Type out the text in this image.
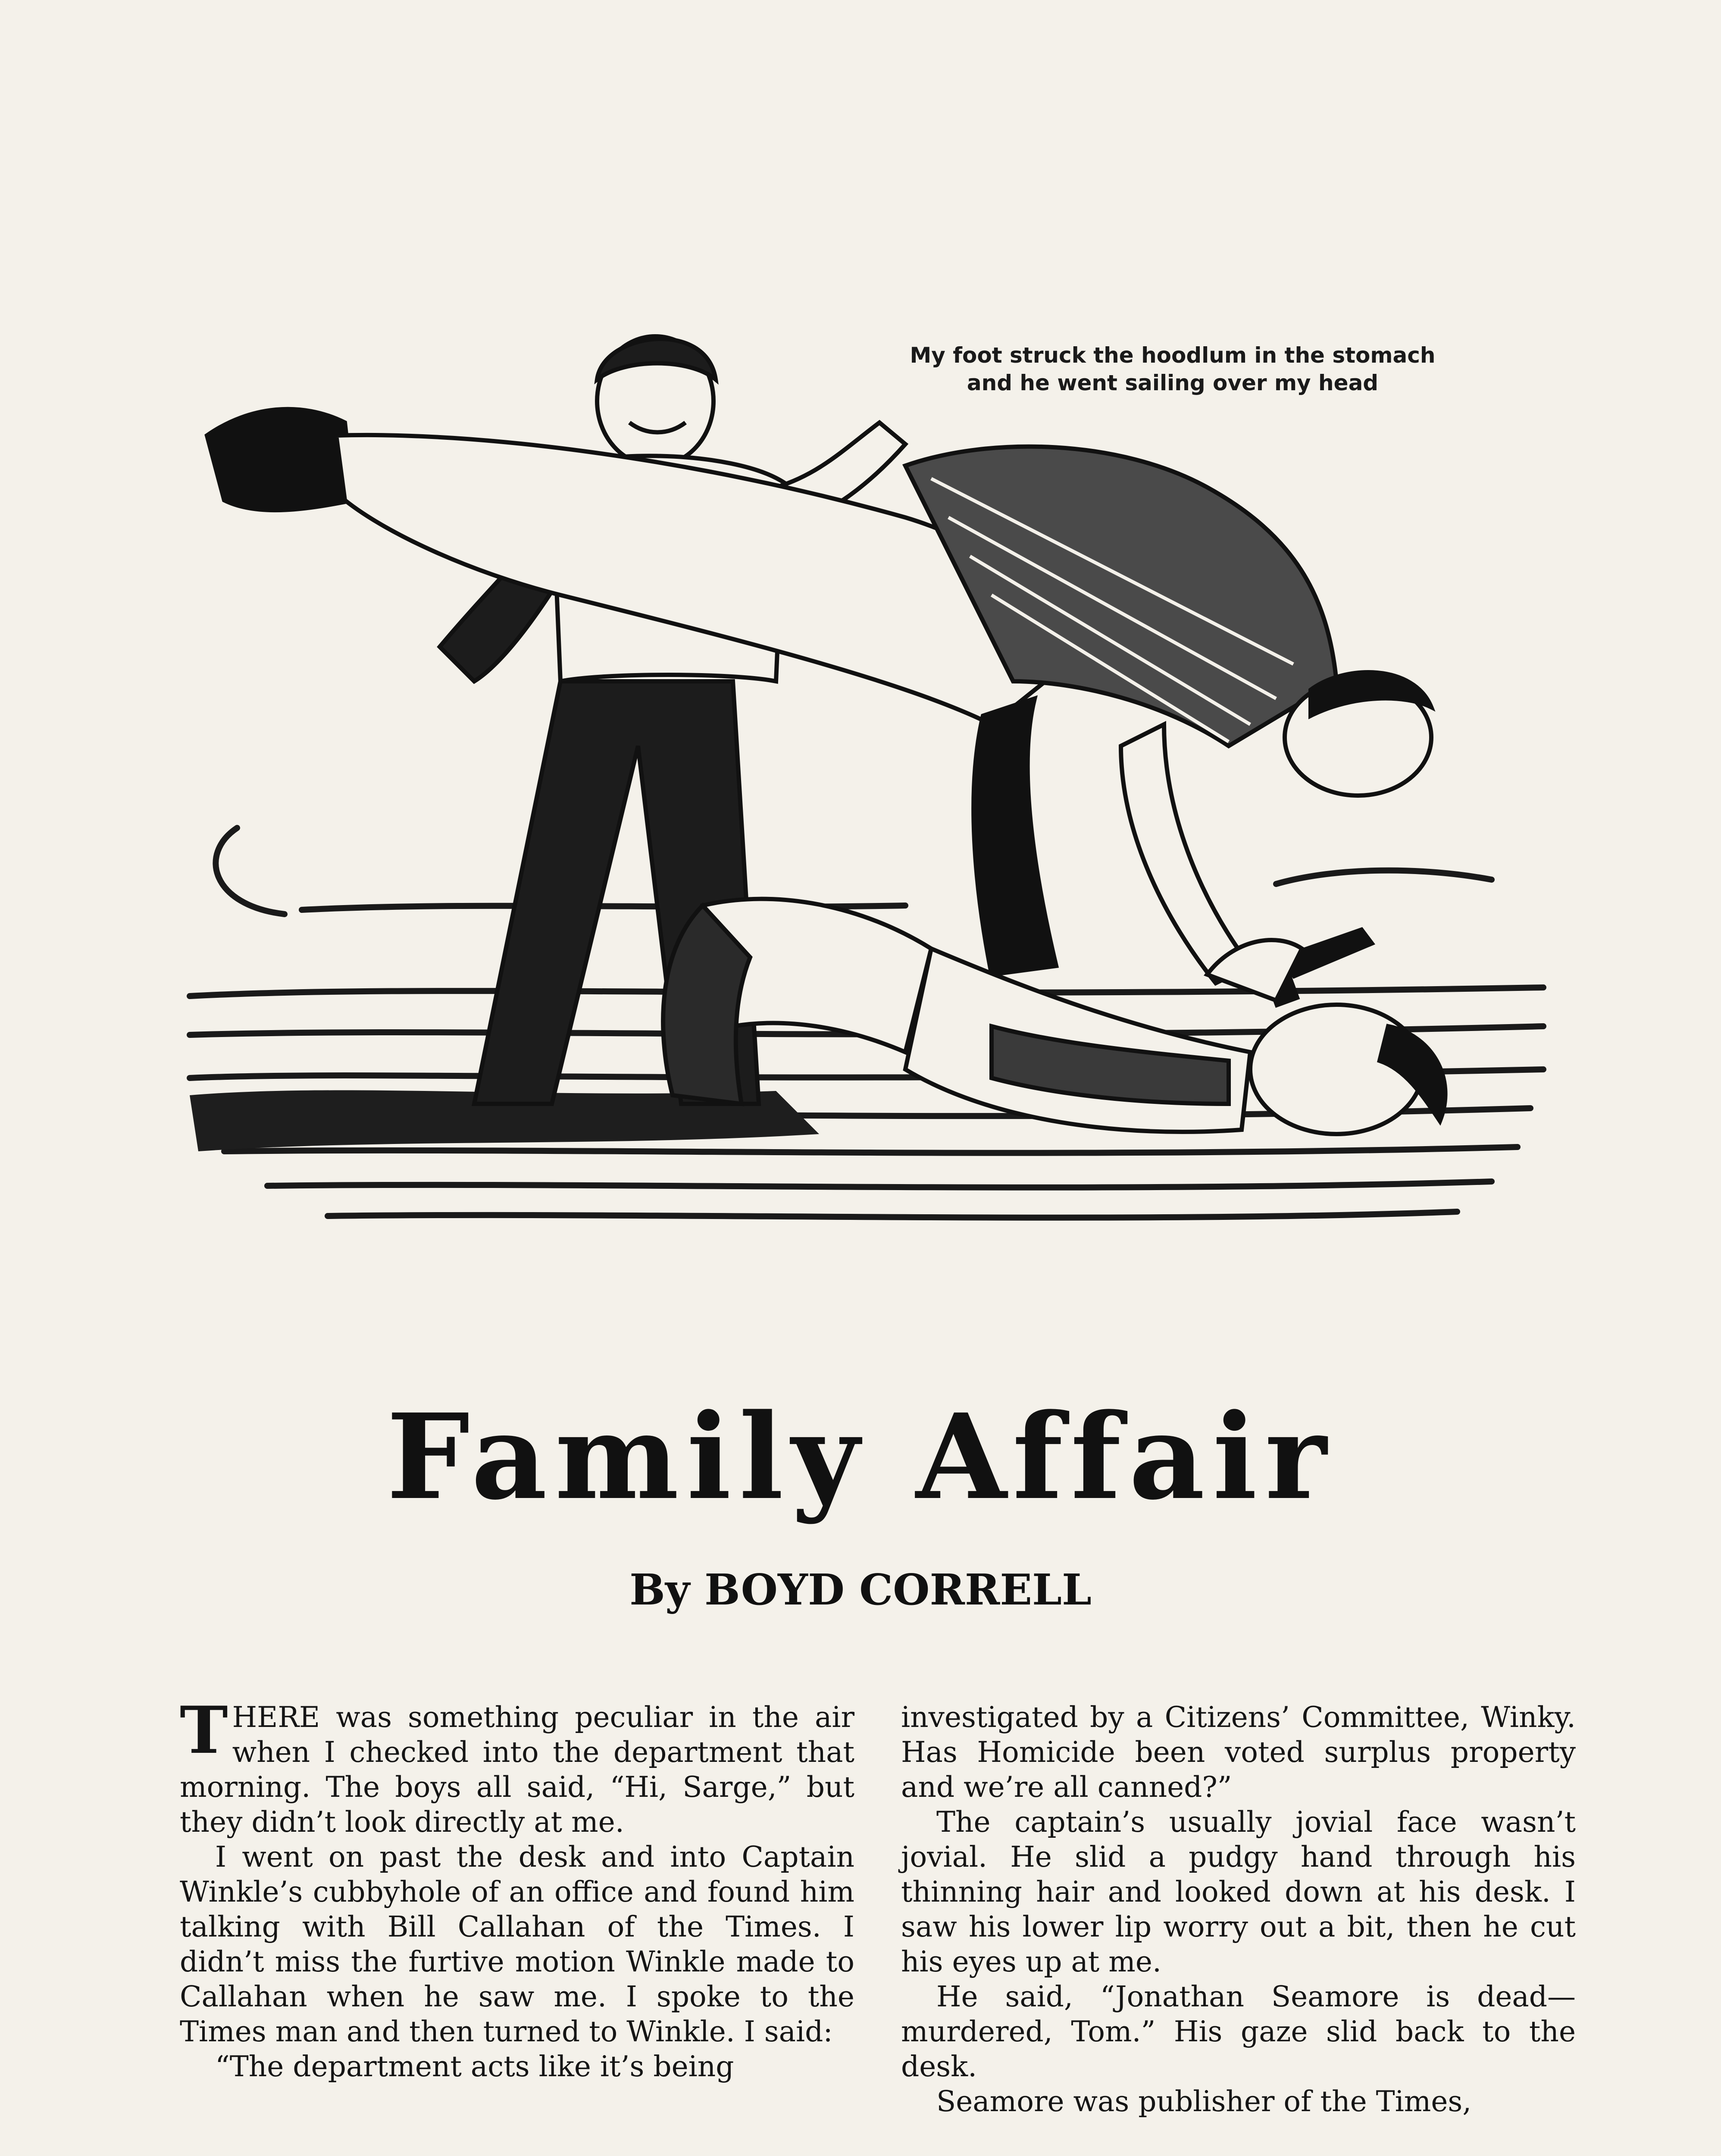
My foot struck the hoodlum in the stomach
and he went sailing over my head
Family Affair
By BOYD CORRELL

THERE was something peculiar in the air when I checked into the department that morning. The boys all said, “Hi, Sarge,” but they didn’t look directly at me.

I went on past the desk and into Captain Winkle’s cubbyhole of an office and found him talking with Bill Callahan of the Times. I didn’t miss the furtive motion Winkle made to Callahan when he saw me. I spoke to the Times man and then turned to Winkle. I said:

“The department acts like it’s being

investigated by a Citizens’ Committee, Winky. Has Homicide been voted surplus property and we’re all canned?”

The captain’s usually jovial face wasn’t jovial. He slid a pudgy hand through his thinning hair and looked down at his desk. I saw his lower lip worry out a bit, then he cut his eyes up at me.

He said, “Jonathan Seamore is dead—murdered, Tom.” His gaze slid back to the desk.

Seamore was publisher of the Times,
